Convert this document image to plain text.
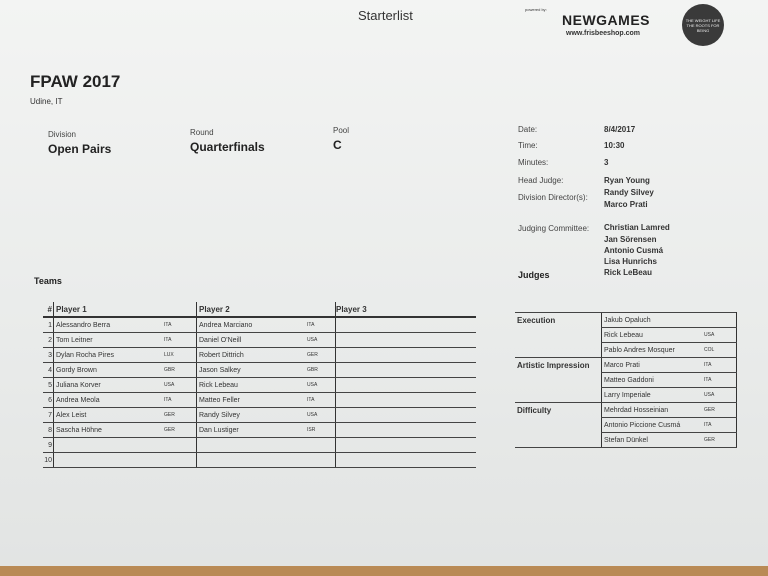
Starterlist	powered by:
NEWGAMES
www.frisbeeshop.com
THE WEIGHT LIFE THE ROOTS FOR BEING
FPAW 2017
Udine, IT
Division
Open Pairs
Round
Quarterfinals
Pool
C
Date:	8/4/2017
Time:	10:30
Minutes:	3
Head Judge:	Ryan Young
Division Director(s):
Randy Silvey
Marco Prati
Judging Committee: Christian Lamred
Jan Sörensen
Antonio Cusmá
Lisa Hunrichs
Rick LeBeau
Teams
#	Player 1		Player 2		Player 3
1	Alessandro Berra	ITA	Andrea Marciano	ITA	
2	Tom Leitner	ITA	Daniel O'Neill	USA	
3	Dylan Rocha Pires	LUX	Robert Dittrich	GER	
4	Gordy Brown	GBR	Jason Salkey	GBR	
5	Juliana Korver	USA	Rick Lebeau	USA	
6	Andrea Meola	ITA	Matteo Feller	ITA	
7	Alex Leist	GER	Randy Silvey	USA	
8	Sascha Höhne	GER	Dan Lustiger	ISR	
9					
10					
Judges
Execution	Jakub Opaluch	
	Rick Lebeau	USA
	Pablo Andres Mosquer	COL
Artistic Impression	Marco Prati	ITA
	Matteo Gaddoni	ITA
	Larry Imperiale	USA
Difficulty	Mehrdad Hosseinian	GER
	Antonio Piccione Cusmá	ITA
	Stefan Dünkel	GER
